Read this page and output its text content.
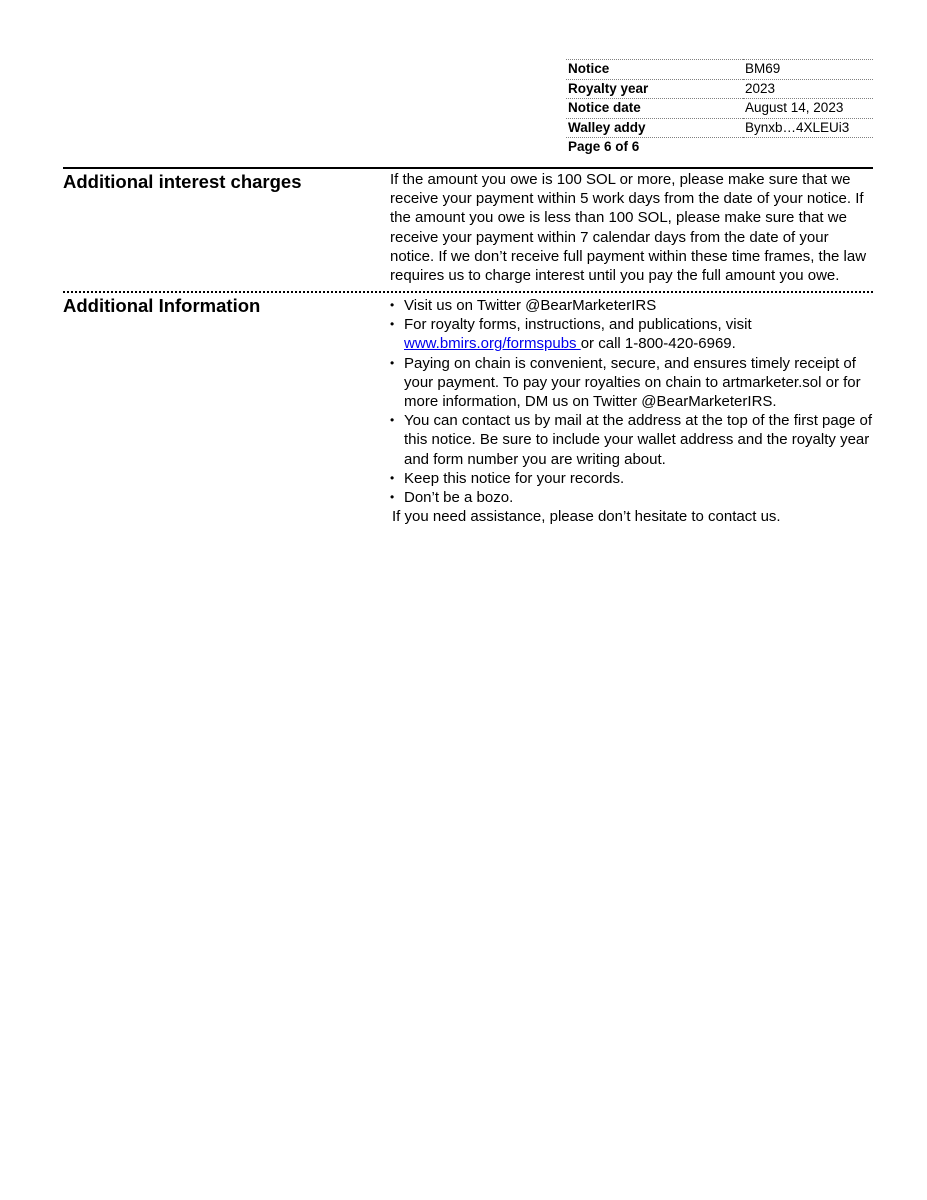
Notice	BM69
Royalty year	2023
Notice date	August 14, 2023
Walley addy	Bynxb…4XLEUi3
Page 6 of 6	
Additional interest charges	If the amount you owe is 100 SOL or more, please make sure that we receive your payment within 5 work days from the date of your notice. If the amount you owe is less than 100 SOL, please make sure that we receive your payment within 7 calendar days from the date of your notice. If we don’t receive full payment within these time frames, the law requires us to charge interest until you pay the full amount you owe.

Additional Information	• Visit us on Twitter @BearMarketerIRS
• For royalty forms, instructions, and publications, visit www.bmirs.org/formspubs or call 1-800-420-6969.
• Paying on chain is convenient, secure, and ensures timely receipt of your payment. To pay your royalties on chain to artmarketer.sol or for more information, DM us on Twitter @BearMarketerIRS.
• You can contact us by mail at the address at the top of the first page of this notice. Be sure to include your wallet address and the royalty year and form number you are writing about.
• Keep this notice for your records.
• Don’t be a bozo.

If you need assistance, please don’t hesitate to contact us.
